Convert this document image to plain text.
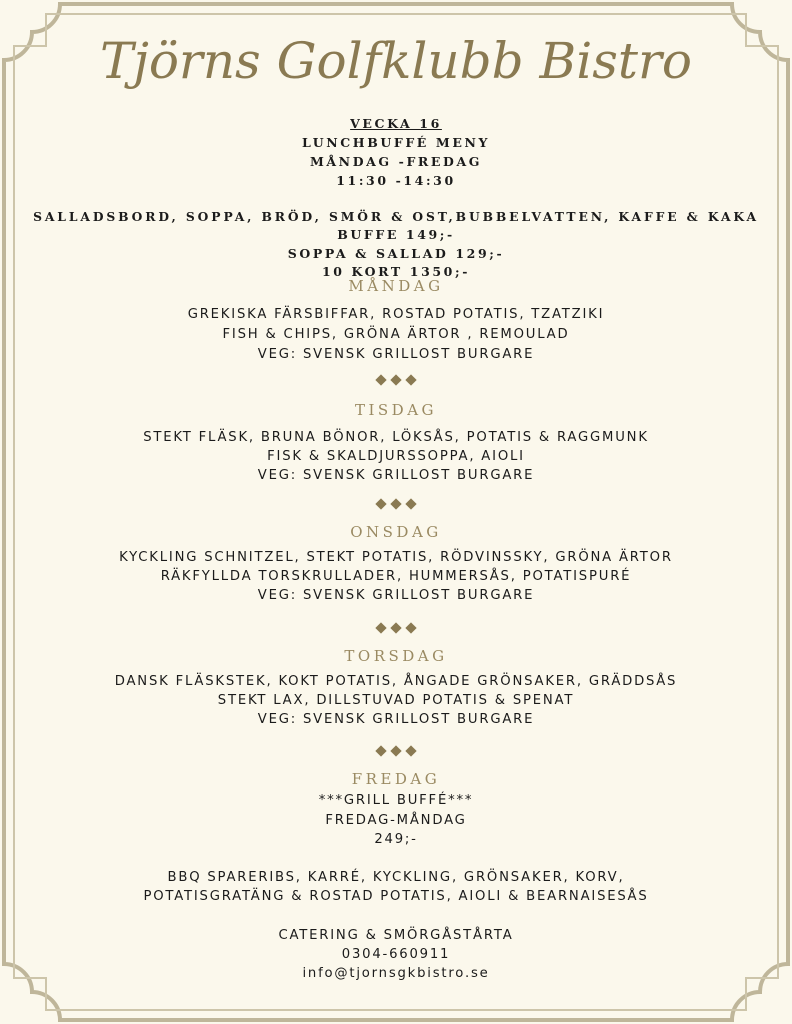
Tjörns Golfklubb Bistro
VECKA 16
LUNCHBUFFÉ MENY
MÅNDAG -FREDAG
11:30 -14:30
SALLADSBORD, SOPPA, BRÖD, SMÖR & OST,BUBBELVATTEN, KAFFE & KAKA
BUFFE 149;-
SOPPA & SALLAD 129;-
10 KORT 1350;-
MÅNDAG
GREKISKA FÄRSBIFFAR, ROSTAD POTATIS, TZATZIKI
FISH & CHIPS, GRÖNA ÄRTOR , REMOULAD
VEG: SVENSK GRILLOST BURGARE
TISDAG
STEKT FLÄSK, BRUNA BÖNOR, LÖKSÅS, POTATIS & RAGGMUNK
FISK & SKALDJURSSOPPA, AIOLI
VEG: SVENSK GRILLOST BURGARE
ONSDAG
KYCKLING SCHNITZEL, STEKT POTATIS, RÖDVINSSKY, GRÖNA ÄRTOR
RÄKFYLLDA TORSKRULLADER, HUMMERSÅS, POTATISPURÉ
VEG: SVENSK GRILLOST BURGARE
TORSDAG
DANSK FLÄSKSTEK, KOKT POTATIS, ÅNGADE GRÖNSAKER, GRÄDDSÅS
STEKT LAX, DILLSTUVAD POTATIS & SPENAT
VEG: SVENSK GRILLOST BURGARE
FREDAG
***GRILL BUFFÉ***
FREDAG-MÅNDAG
249;-
BBQ SPARERIBS, KARRÉ, KYCKLING, GRÖNSAKER, KORV,
POTATISGRATÄNG & ROSTAD POTATIS, AIOLI & BEARNAISESÅS
CATERING & SMÖRGÅSTÅRTA
0304-660911
info@tjornsgkbistro.se
